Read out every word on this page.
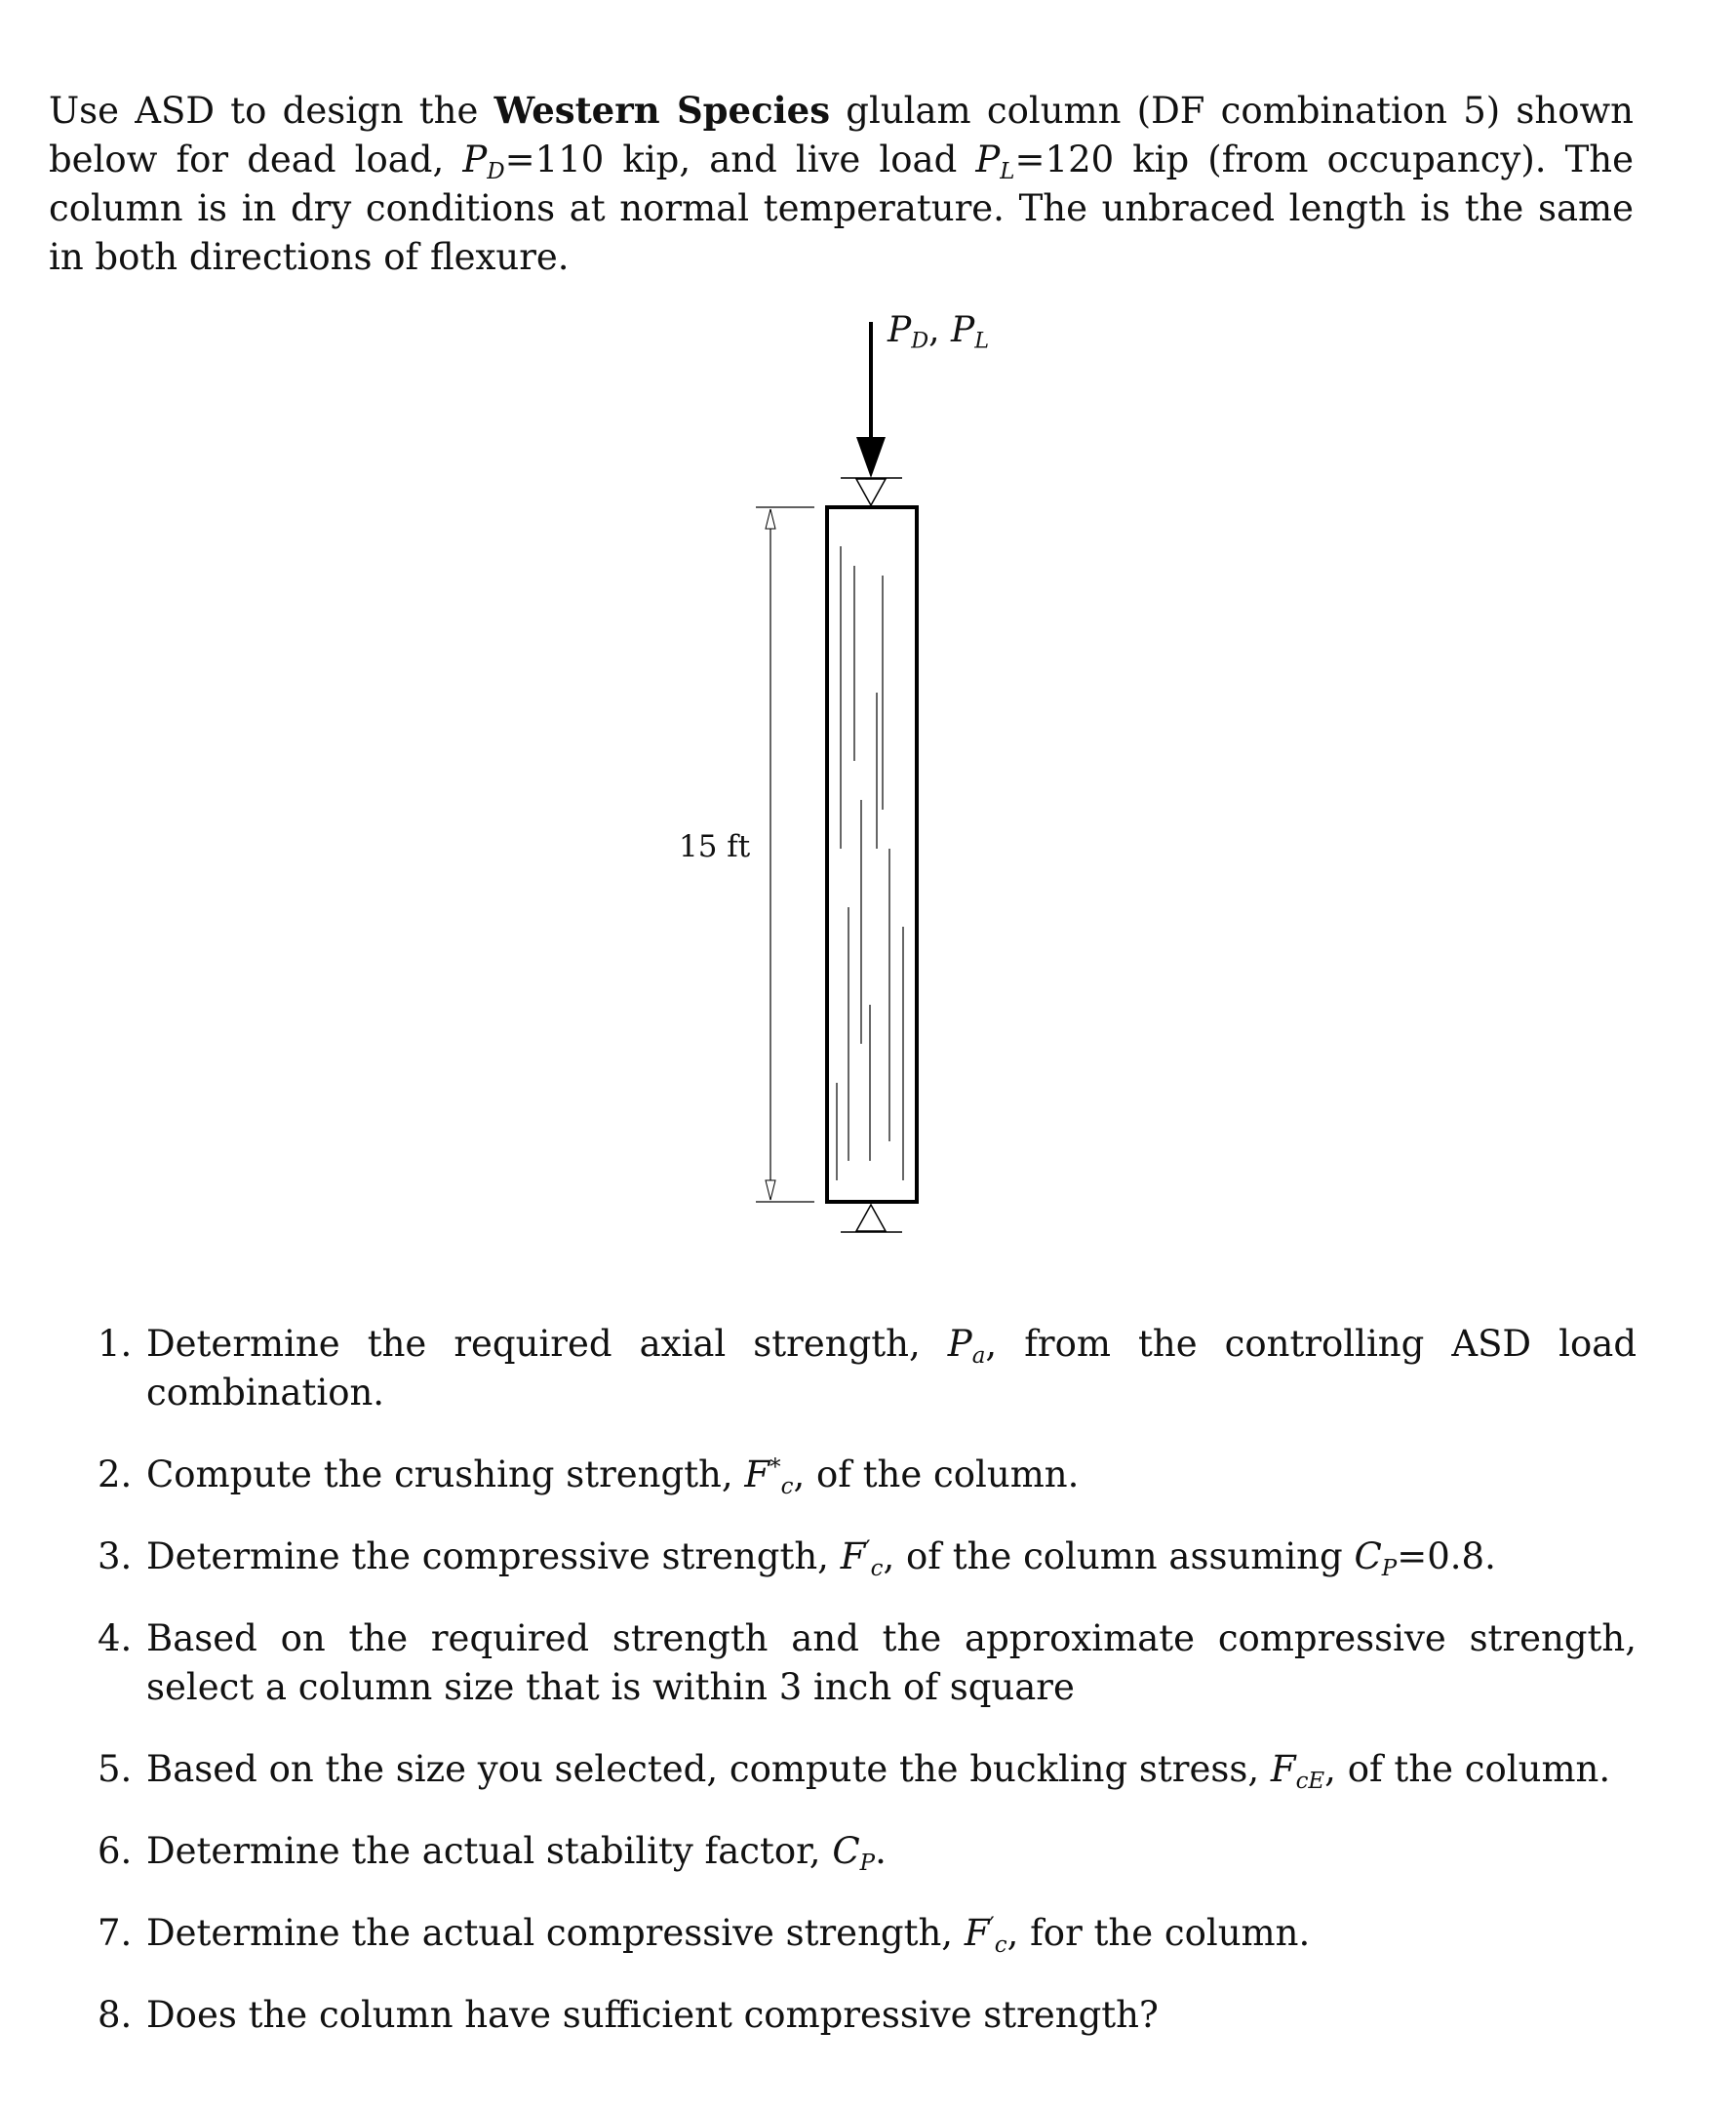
Use ASD to design the Western Species glulam column (DF combination 5) shown below for dead load, $P_D=110$ kip, and live load $P_L=120$ kip (from occupancy). The column is in dry conditions at normal temperature. The unbraced length is the same in both directions of flexure.

$P_D$, $P_L$
15 ft
1. Determine the required axial strength, $P_a$, from the controlling ASD load combination.
2. Compute the crushing strength, $F^*_c$, of the column.
3. Determine the compressive strength, $F'_c$, of the column assuming $C_P=0.8$.
4. Based on the required strength and the approximate compressive strength, select a column size that is within 3 inch of square
5. Based on the size you selected, compute the buckling stress, $F_{cE}$, of the column.
6. Determine the actual stability factor, $C_P$.
7. Determine the actual compressive strength, $F'_c$, for the column.
8. Does the column have sufficient compressive strength?
